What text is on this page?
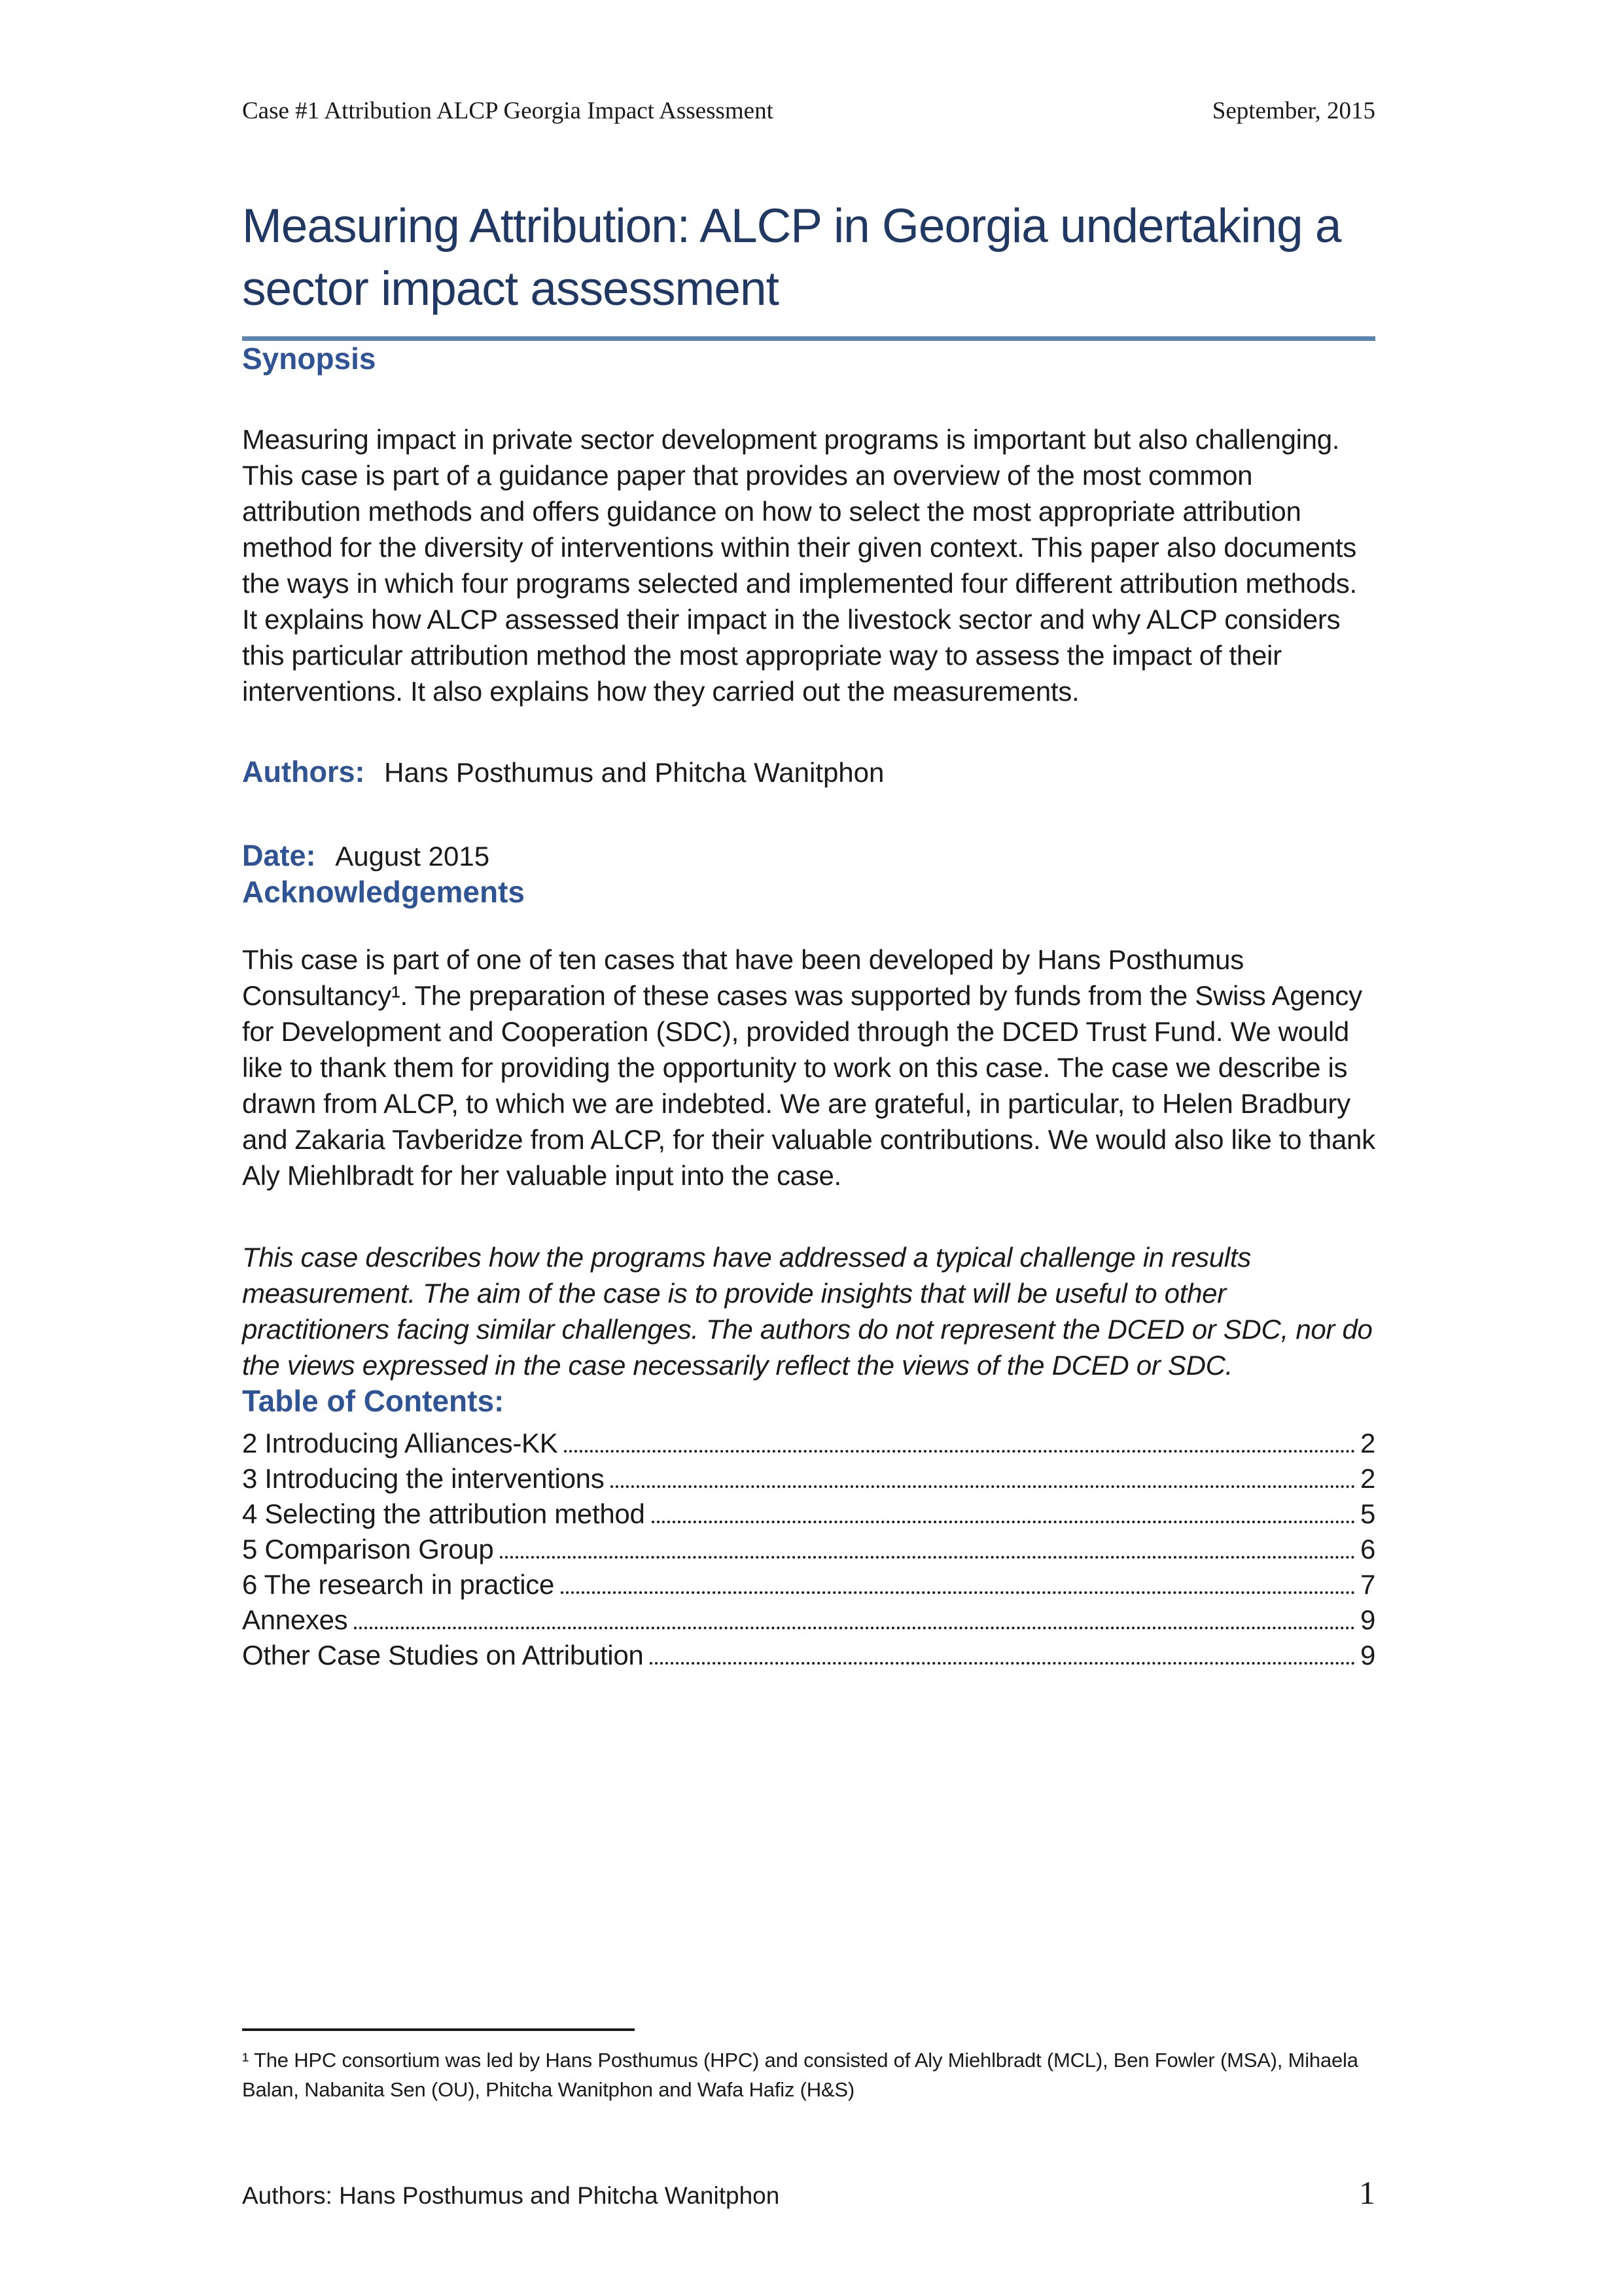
Case #1 Attribution ALCP Georgia Impact Assessment	September, 2015
Measuring Attribution: ALCP in Georgia undertaking a sector impact assessment
Synopsis

Measuring impact in private sector development programs is important but also challenging. This case is part of a guidance paper that provides an overview of the most common attribution methods and offers guidance on how to select the most appropriate attribution method for the diversity of interventions within their given context. This paper also documents the ways in which four programs selected and implemented four different attribution methods. It explains how ALCP assessed their impact in the livestock sector and why ALCP considers this particular attribution method the most appropriate way to assess the impact of their interventions. It also explains how they carried out the measurements.

Authors: Hans Posthumus and Phitcha Wanitphon
Date: August 2015
Acknowledgements

This case is part of one of ten cases that have been developed by Hans Posthumus Consultancy¹. The preparation of these cases was supported by funds from the Swiss Agency for Development and Cooperation (SDC), provided through the DCED Trust Fund. We would like to thank them for providing the opportunity to work on this case. The case we describe is drawn from ALCP, to which we are indebted. We are grateful, in particular, to Helen Bradbury and Zakaria Tavberidze from ALCP, for their valuable contributions. We would also like to thank Aly Miehlbradt for her valuable input into the case.

This case describes how the programs have addressed a typical challenge in results measurement. The aim of the case is to provide insights that will be useful to other practitioners facing similar challenges. The authors do not represent the DCED or SDC, nor do the views expressed in the case necessarily reflect the views of the DCED or SDC.

Table of Contents:
2 Introducing Alliances-KK	2
3 Introducing the interventions	2
4 Selecting the attribution method	5
5 Comparison Group	6
6 The research in practice	7
Annexes	9
Other Case Studies on Attribution	9
¹ The HPC consortium was led by Hans Posthumus (HPC) and consisted of Aly Miehlbradt (MCL), Ben Fowler (MSA), Mihaela Balan, Nabanita Sen (OU), Phitcha Wanitphon and Wafa Hafiz (H&S)
Authors: Hans Posthumus and Phitcha Wanitphon	1
